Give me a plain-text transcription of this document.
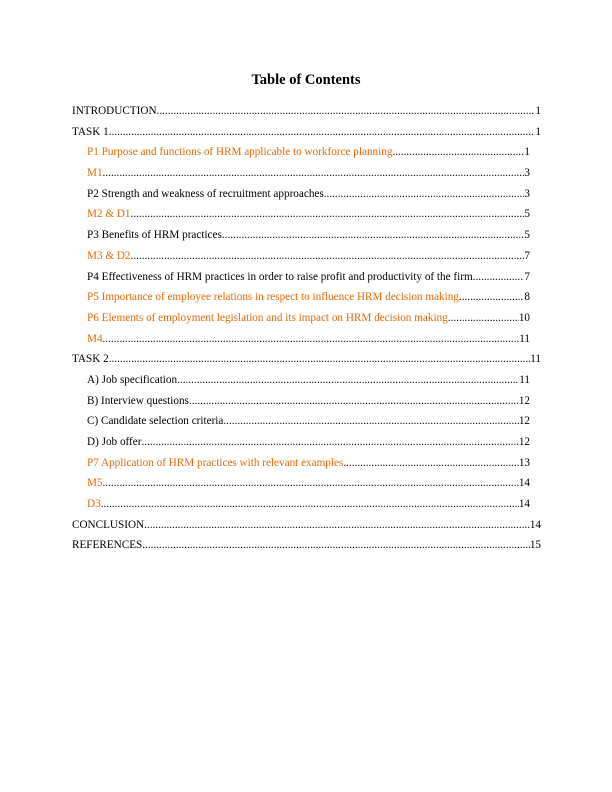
Table of Contents
INTRODUCTION .....	1
TASK 1 .....	1
P1 Purpose and functions of HRM applicable to workforce planning .....	1
M1 .....	3
P2 Strength and weakness of recruitment approaches .....	3
M2 & D1 .....	5
P3 Benefits of HRM practices .....	5
M3 & D2 .....	7
P4 Effectiveness of HRM practices in order to raise profit and productivity of the firm .....	7
P5 Importance of employee relations in respect to influence HRM decision making .....	8
P6 Elements of employment legislation and its impact on HRM decision making .....	10
M4 .....	11
TASK 2 .....	11
A) Job specification .....	11
B) Interview questions .....	12
C) Candidate selection criteria .....	12
D) Job offer .....	12
P7 Application of HRM practices with relevant examples .....	13
M5 .....	14
D3 .....	14
CONCLUSION .....	14
REFERENCES .....	15
